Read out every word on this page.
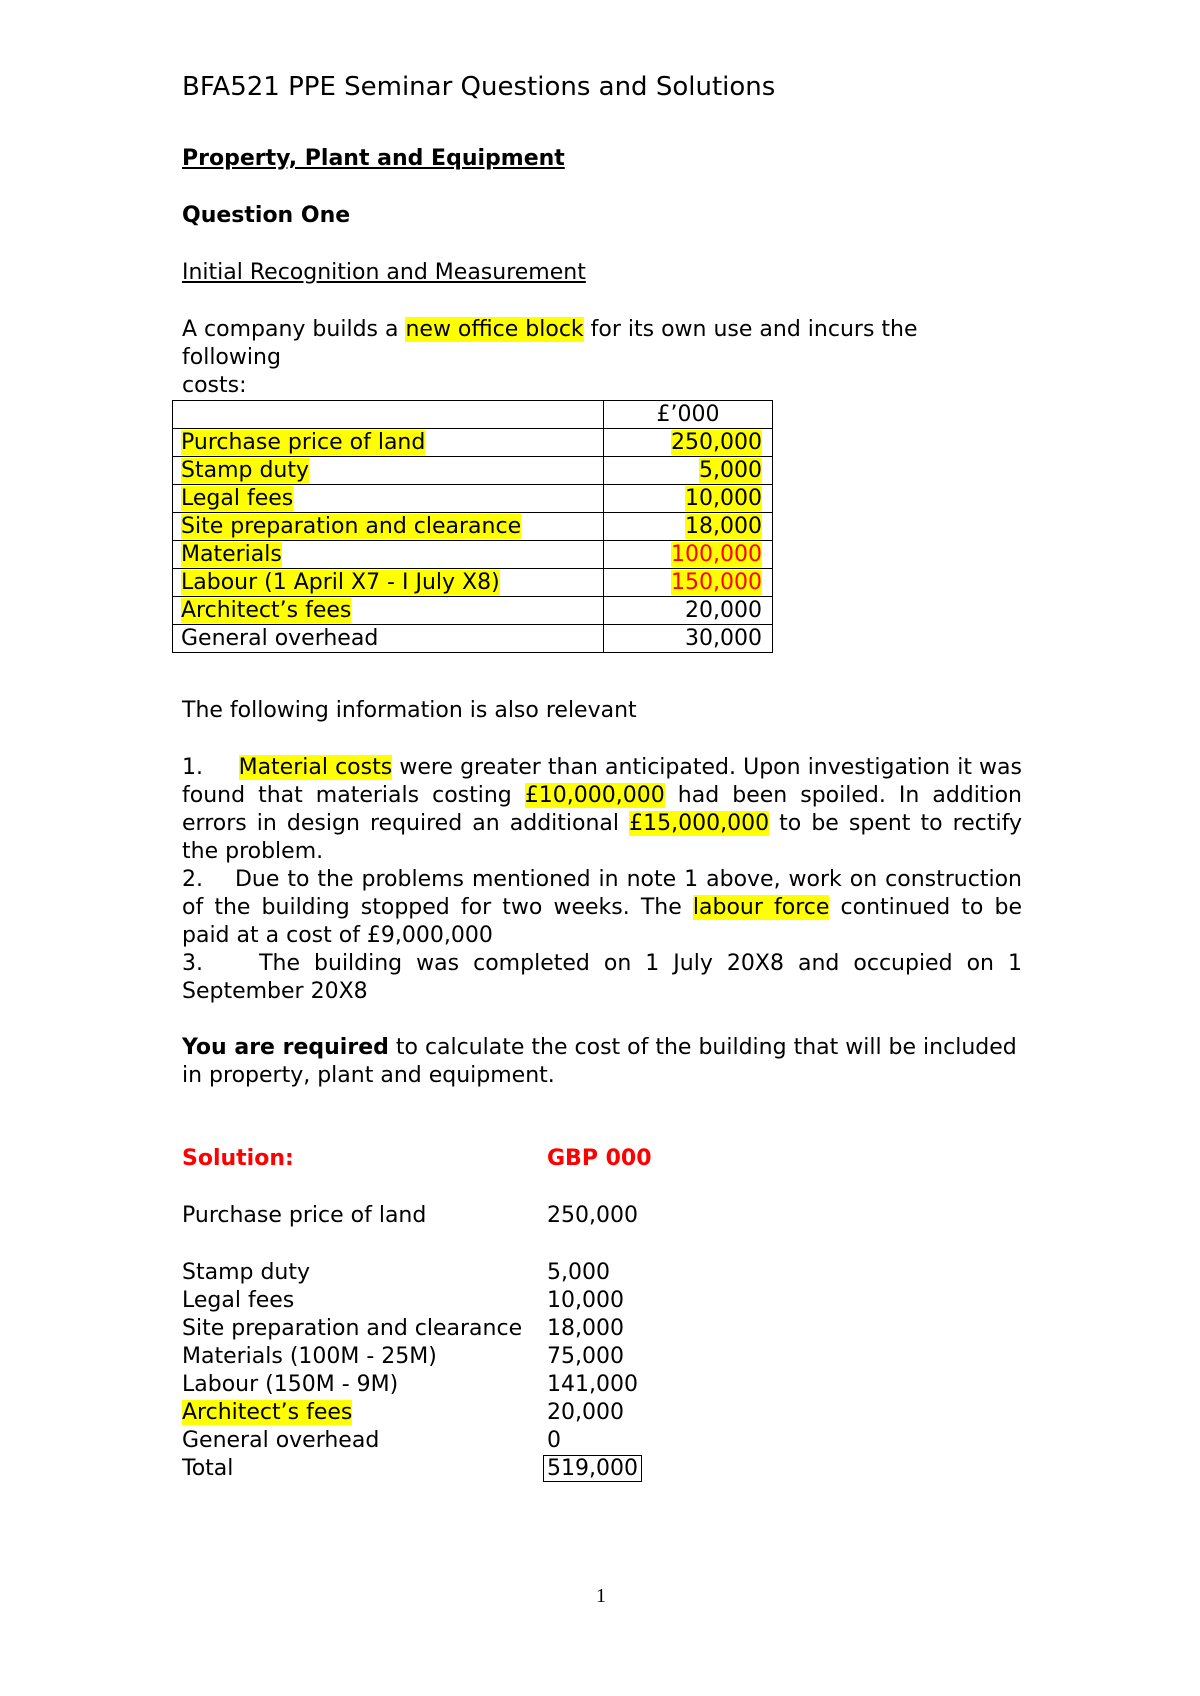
BFA521 PPE Seminar Questions and Solutions
Property, Plant and Equipment
Question One
Initial Recognition and Measurement
A company builds a new office block for its own use and incurs the following
costs:
	£’000
Purchase price of land	250,000
Stamp duty	5,000
Legal fees	10,000
Site preparation and clearance	18,000
Materials	100,000
Labour (1 April X7 - I July X8)	150,000
Architect’s fees	20,000
General overhead	30,000
The following information is also relevant
1. Material costs were greater than anticipated. Upon investigation it was
found that materials costing £10,000,000 had been spoiled. In addition
errors in design required an additional £15,000,000 to be spent to rectify
the problem.
2. Due to the problems mentioned in note 1 above, work on construction
of the building stopped for two weeks. The labour force continued to be
paid at a cost of £9,000,000
3.	The building was completed on 1 July 20X8 and occupied on 1
September 20X8
You are required to calculate the cost of the building that will be included
in property, plant and equipment.
Solution:	GBP 000
Purchase price of land	250,000
Stamp duty	5,000
Legal fees	10,000
Site preparation and clearance 18,000
Materials (100M - 25M)	75,000
Labour (150M - 9M)	141,000
Architect’s fees	20,000
General overhead	0
Total	519,000
1
